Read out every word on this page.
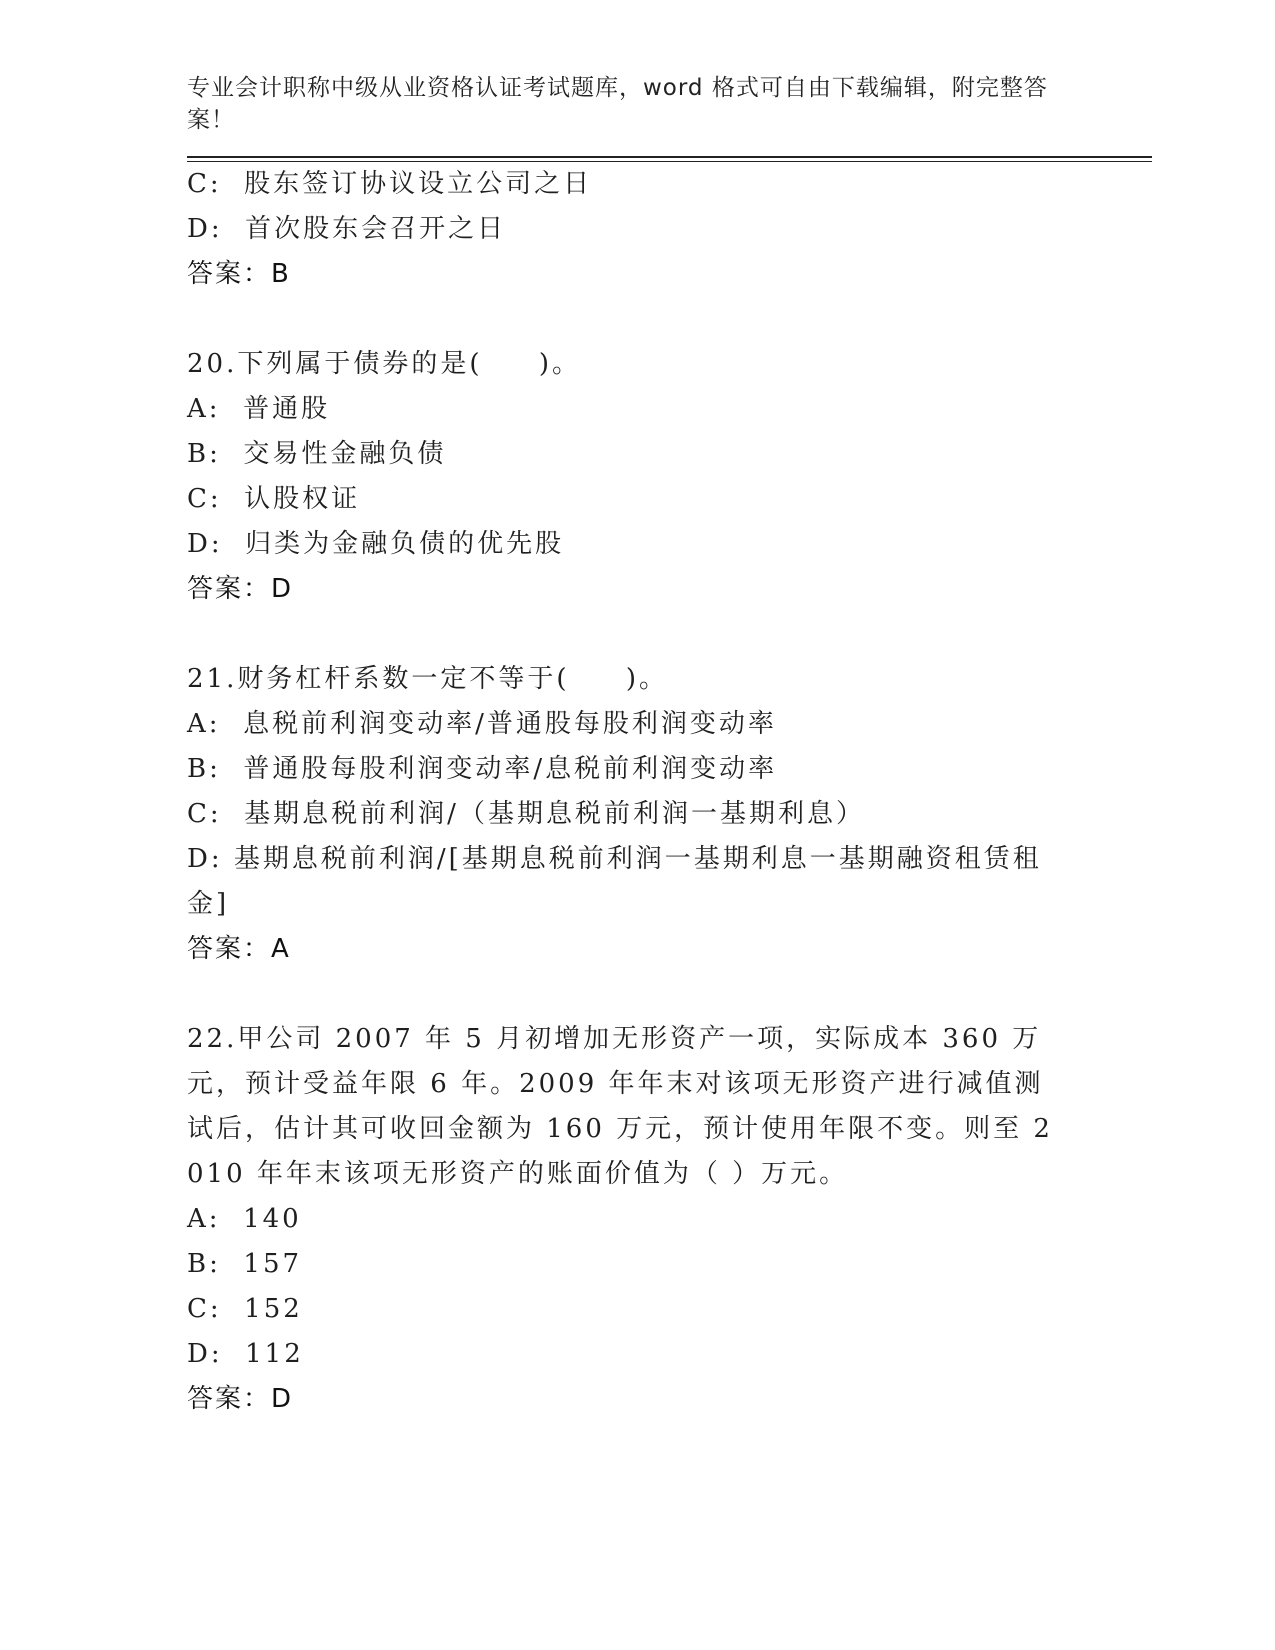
专业会计职称中级从业资格认证考试题库，word 格式可自由下载编辑，附完整答案！
C:  股东签订协议设立公司之日
D:  首次股东会召开之日
答案：B
20.下列属于债券的是(     )。
A:  普通股
B:  交易性金融负债
C:  认股权证
D:  归类为金融负债的优先股
答案：D
21.财务杠杆系数一定不等于(     )。
A:  息税前利润变动率/普通股每股利润变动率
B:  普通股每股利润变动率/息税前利润变动率
C:  基期息税前利润/（基期息税前利润一基期利息）
D: 基期息税前利润/[基期息税前利润一基期利息一基期融资租赁租金]
答案：A
22.甲公司 2007 年 5 月初增加无形资产一项，实际成本 360 万元，预计受益年限 6 年。2009 年年末对该项无形资产进行减值测试后，估计其可收回金额为 160 万元，预计使用年限不变。则至 2010 年年末该项无形资产的账面价值为（ ）万元。
A:  140
B:  157
C:  152
D:  112
答案：D
